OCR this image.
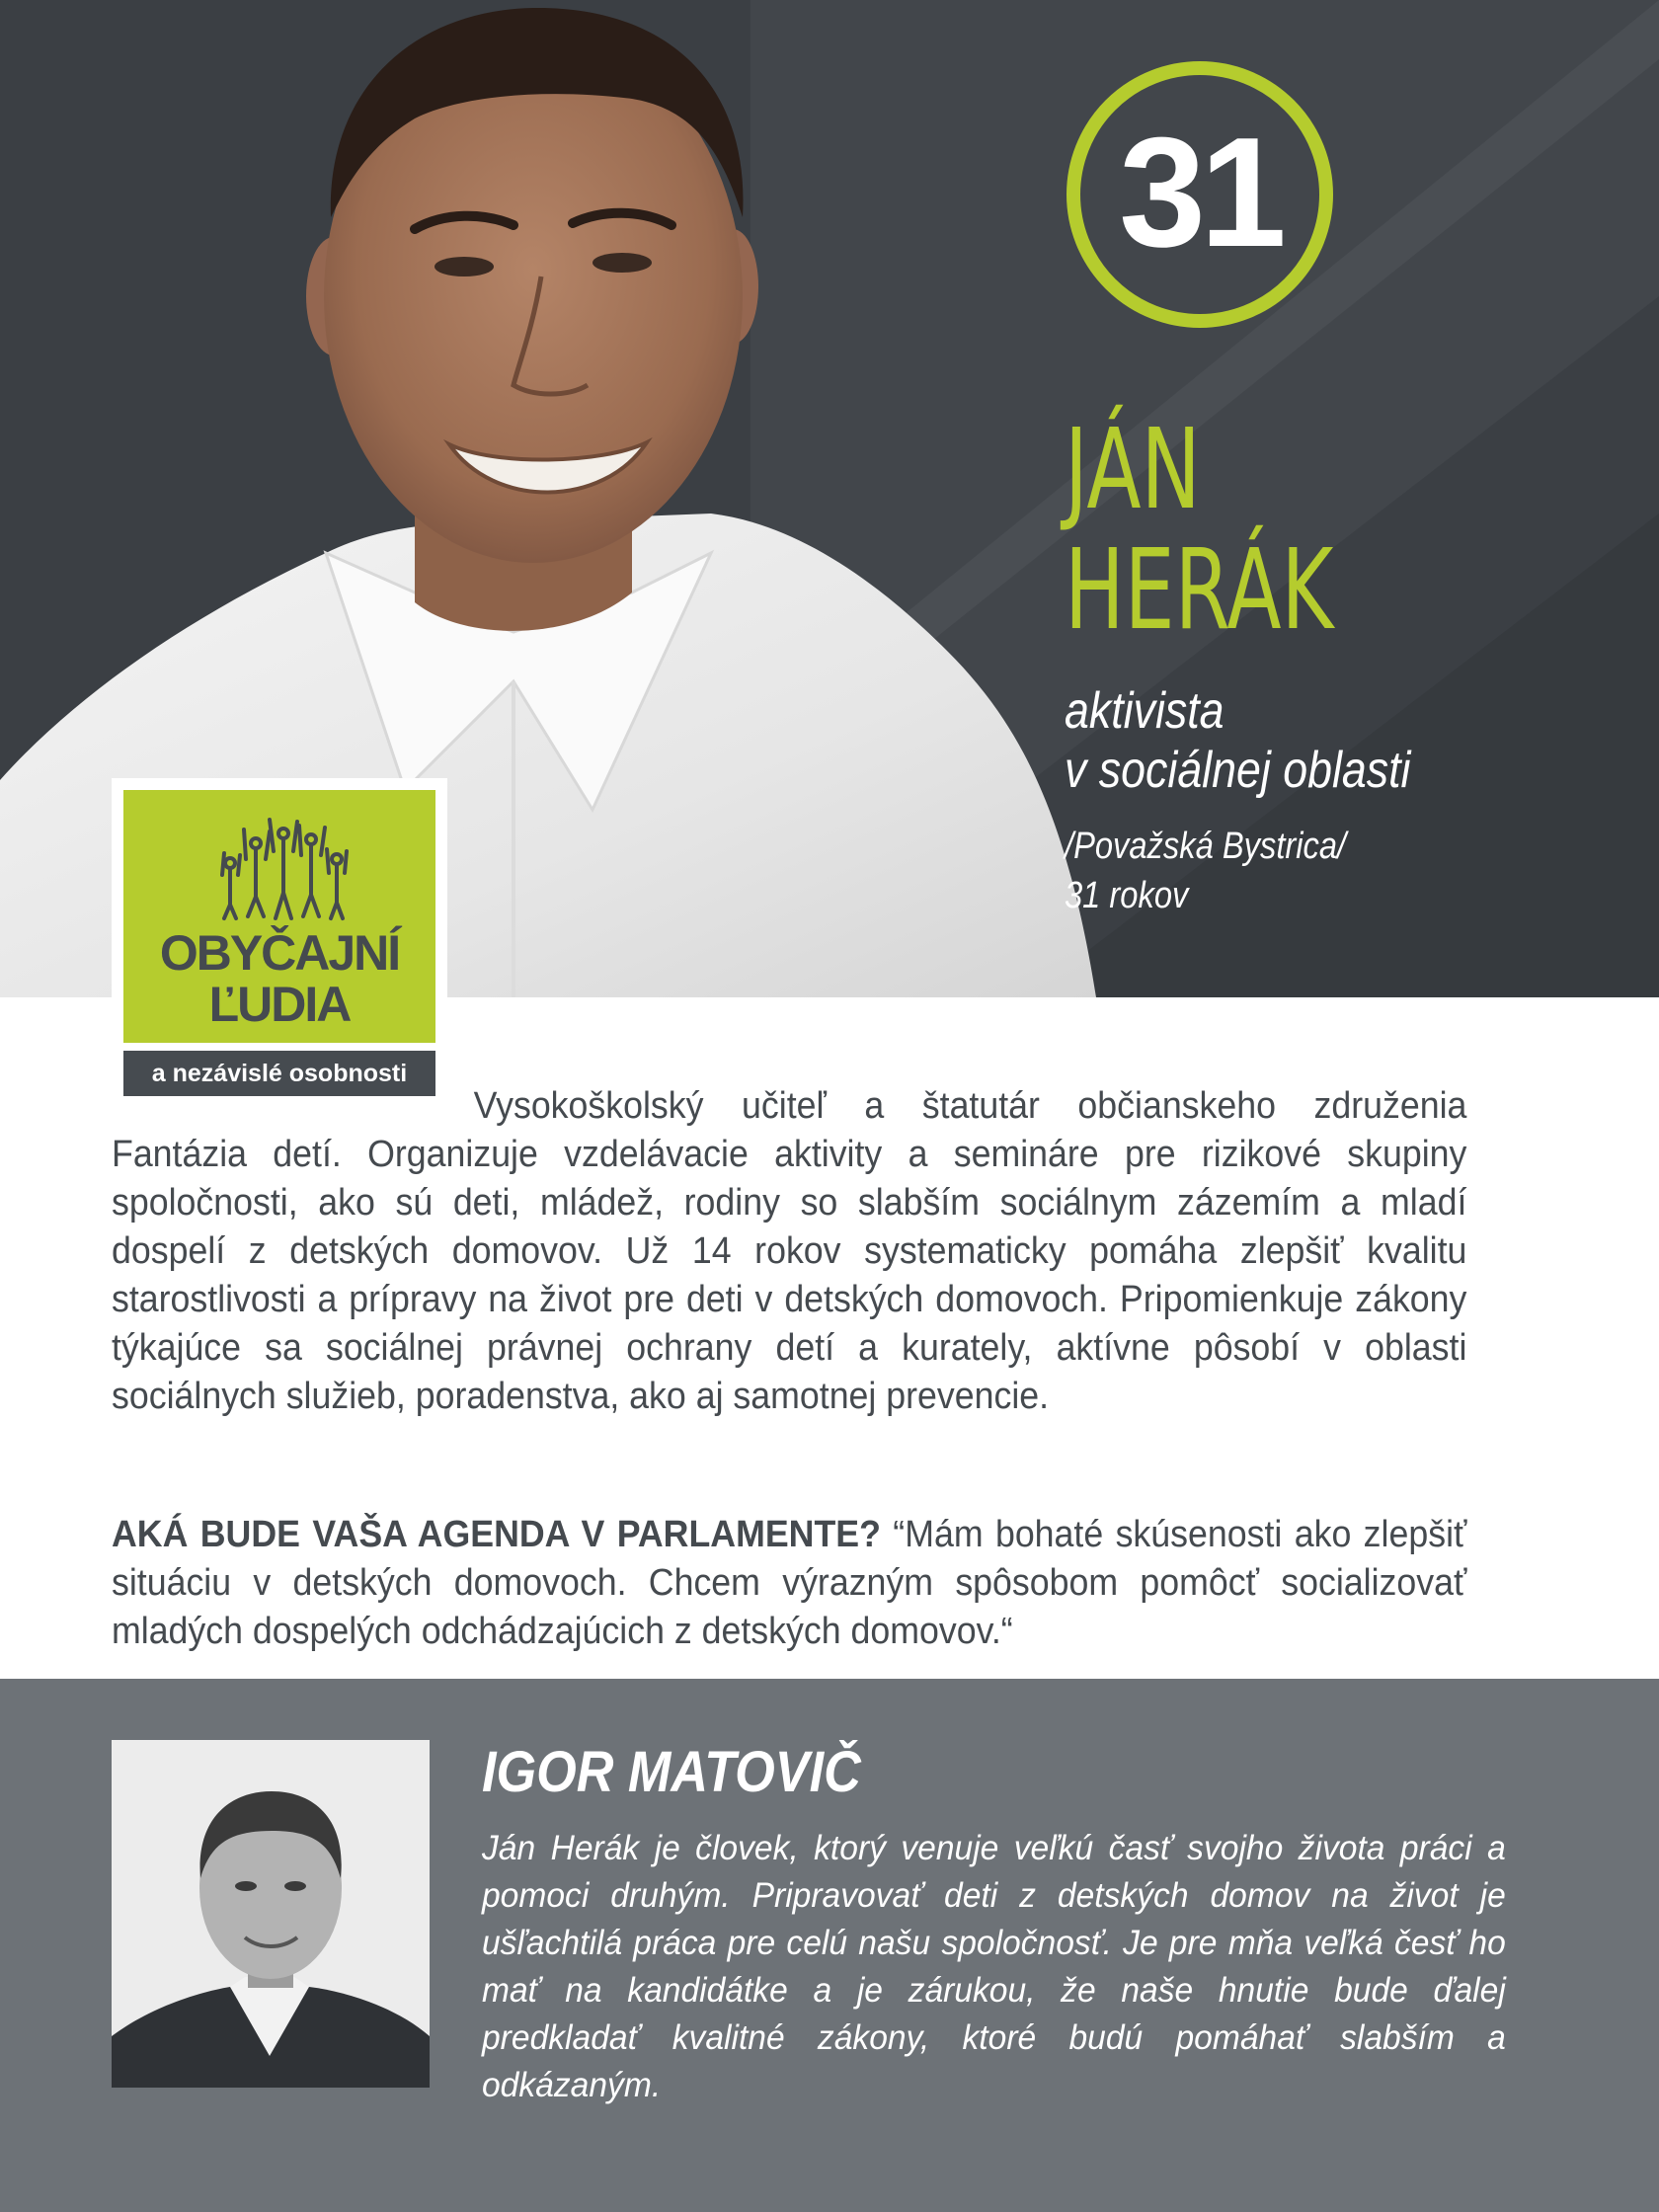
31
JÁN
HERÁK
aktivista
v sociálnej oblasti
/Považská Bystrica/
31 rokov
OBYČAJNÍ
ĽUDIA
a nezávislé osobnosti
Vysokoškolský učiteľ a štatutár občianskeho združenia Fantázia detí. Organizuje vzdelávacie aktivity a semináre pre rizikové skupiny spoločnosti, ako sú deti, mládež, rodiny so slabším sociálnym zázemím a mladí dospelí z detských domovov. Už 14 rokov systematicky pomáha zlepšiť kvalitu starostlivosti a prípravy na život pre deti v detských domovoch. Pripomienkuje zákony týkajúce sa sociálnej právnej ochrany detí a kurately, aktívne pôsobí v oblasti sociálnych služieb, poradenstva, ako aj samotnej prevencie.
AKÁ BUDE VAŠA AGENDA V PARLAMENTE? “Mám bohaté skúsenosti ako zlepšiť situáciu v detských domovoch. Chcem výrazným spôsobom pomôcť socializovať mladých dospelých odchádzajúcich z detských domovov.“
IGOR MATOVIČ
Ján Herák je človek, ktorý venuje veľkú časť svojho života práci a pomoci druhým. Pripravovať deti z detských domov na život je ušľachtilá práca pre celú našu spoločnosť. Je pre mňa veľká česť ho mať na kandidátke a je zárukou, že naše hnutie bude ďalej predkladať kvalitné zákony, ktoré budú pomáhať slabším a odkázaným.
